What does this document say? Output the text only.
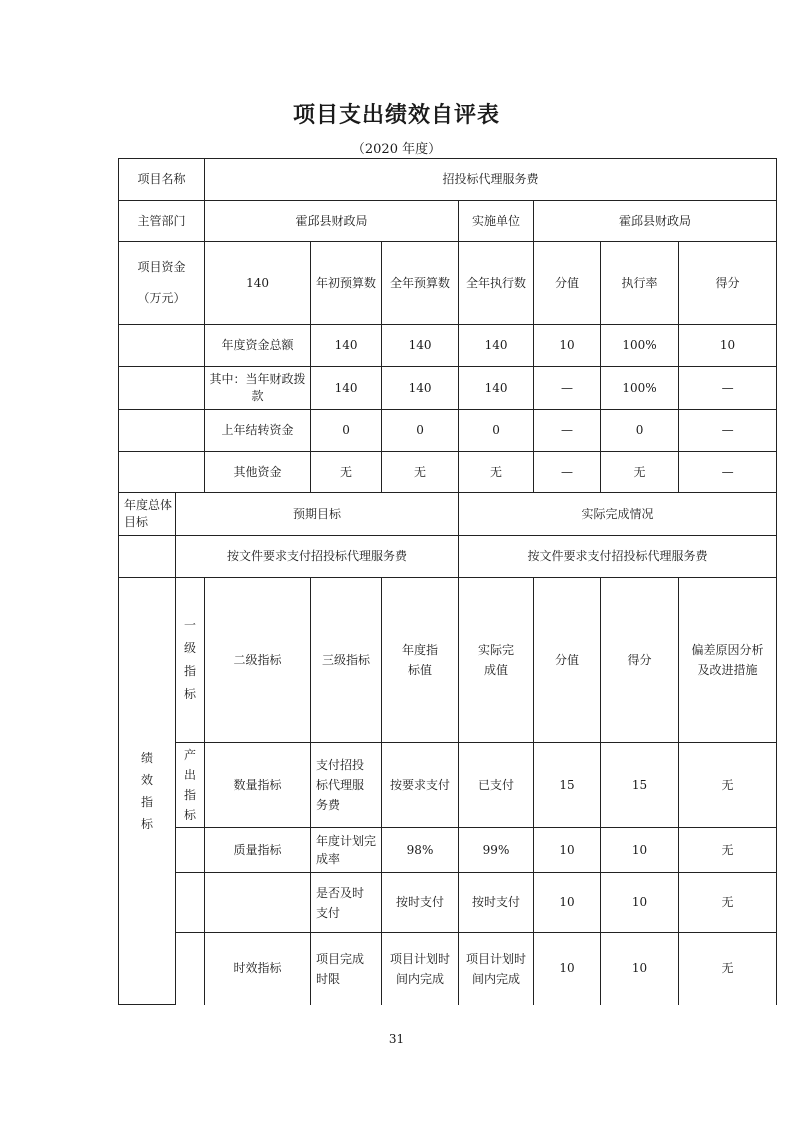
项目支出绩效自评表
（2020 年度）
项目名称		招投标代理服务费						
主管部门		霍邱县财政局			实施单位	霍邱县财政局		

项目资金
（万元）		140	年初预算数	全年预算数	全年执行数	分值	执行率	得分
		年度资金总额	140	140	140	10	100%	10
		其中：当年财政拨款	140	140	140	—	100%	—
		上年结转资金	0	0	0	—	0	—
		其他资金	无	无	无	—	无	—
年度总体目标	预期目标				实际完成情况			
	按文件要求支付招投标代理服务费				按文件要求支付招投标代理服务费			

绩效指标	一级指标	二级指标	三级指标	年度指标值	实际完成值	分值	得分	偏差原因分析及改进措施

	产出指标	数量指标	支付招投标代理服务费	按要求支付	已支付	15	15	无
		质量指标	年度计划完成率	98%	99%	10	10	无

			是否及时支付	按时支付	按时支付	10	10	无
		时效指标	项目完成时限	项目计划时间内完成	项目计划时间内完成	10	10	无
31
